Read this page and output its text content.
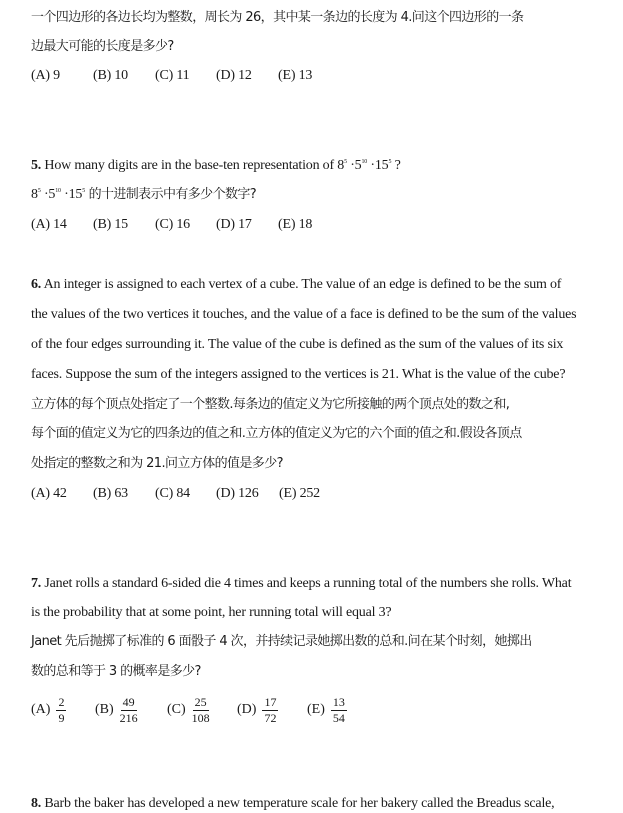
一个四边形的各边长均为整数，周长为 26，其中某一条边的长度为 4.问这个四边形的一条
边最大可能的长度是多少?
(A) 9 (B) 10 (C) 11 (D) 12 (E) 13
5. How many digits are in the base-ten representation of $8^5 \cdot 5^{10} \cdot 15^5$ ?
$8^5 \cdot 5^{10} \cdot 15^5$ 的十进制表示中有多少个数字?
(A) 14 (B) 15 (C) 16 (D) 17 (E) 18
6. An integer is assigned to each vertex of a cube. The value of an edge is defined to be the sum of
the values of the two vertices it touches, and the value of a face is defined to be the sum of the values
of the four edges surrounding it. The value of the cube is defined as the sum of the values of its six
faces. Suppose the sum of the integers assigned to the vertices is 21. What is the value of the cube?
立方体的每个顶点处指定了一个整数.每条边的值定义为它所接触的两个顶点处的数之和,
每个面的值定义为它的四条边的值之和.立方体的值定义为它的六个面的值之和.假设各顶点
处指定的整数之和为 21.问立方体的值是多少?
(A) 42 (B) 63 (C) 84 (D) 126 (E) 252
7. Janet rolls a standard 6-sided die 4 times and keeps a running total of the numbers she rolls. What
is the probability that at some point, her running total will equal 3?
Janet 先后抛掷了标准的 6 面骰子 4 次，并持续记录她掷出数的总和.问在某个时刻，她掷出
数的总和等于 3 的概率是多少?
$(A) \frac{2}{9} (B) \frac{49}{216} (C) \frac{25}{108} (D) \frac{17}{72} (E) \frac{13}{54}$
8. Barb the baker has developed a new temperature scale for her bakery called the Breadus scale,
